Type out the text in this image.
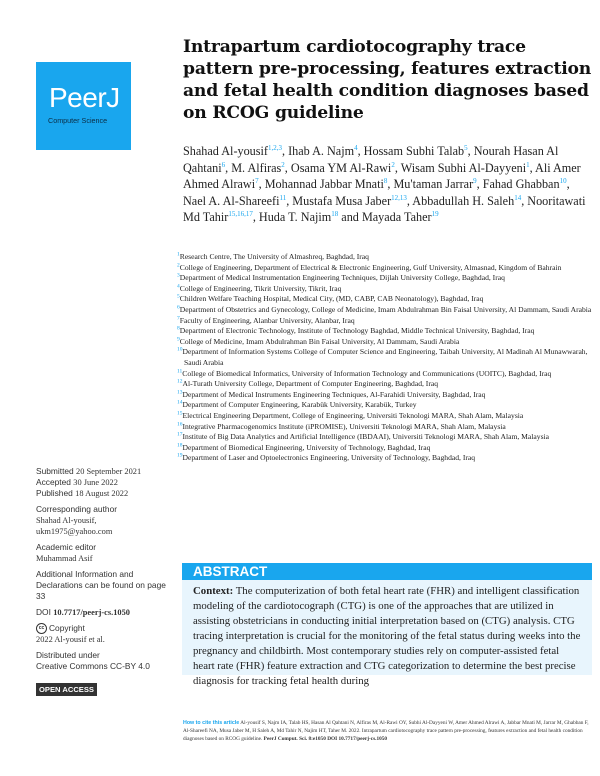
PeerJ
Computer Science
Intrapartum cardiotocography trace pattern pre-processing, features extraction and fetal health condition diagnoses based on RCOG guideline
Shahad Al-yousif$^{1,2,3}$, Ihab A. Najm$^4$, Hossam Subhi Talab$^5$, Nourah Hasan Al Qahtani$^6$, M. Alfiras$^2$, Osama YM Al-Rawi$^2$, Wisam Subhi Al-Dayyeni$^1$, Ali Amer Ahmed Alrawi$^7$, Mohannad Jabbar Mnati$^8$, Mu'taman Jarrar$^9$, Fahad Ghabban$^{10}$, Nael A. Al-Shareefi$^{11}$, Mustafa Musa Jaber$^{12,13}$, Abbadullah H. Saleh$^{14}$, Nooritawati Md Tahir$^{15,16,17}$, Huda T. Najim$^{18}$ and Mayada Taher$^{19}$
$^1$Research Centre, The University of Almashreq, Baghdad, Iraq
$^2$College of Engineering, Department of Electrical & Electronic Engineering, Gulf University, Almasnad, Kingdom of Bahrain
$^3$Department of Medical Instrumentation Engineering Techniques, Dijlah University College, Baghdad, Iraq
$^4$College of Engineering, Tikrit University, Tikrit, Iraq
$^5$Children Welfare Teaching Hospital, Medical City, (MD, CABP, CAB Neonatology), Baghdad, Iraq
$^6$Department of Obstetrics and Gynecology, College of Medicine, Imam Abdulrahman Bin Faisal University, Al Dammam, Saudi Arabia
$^7$Faculty of Engineering, Alanbar University, Alanbar, Iraq
$^8$Department of Electronic Technology, Institute of Technology Baghdad, Middle Technical University, Baghdad, Iraq
$^9$College of Medicine, Imam Abdulrahman Bin Faisal University, Al Dammam, Saudi Arabia
$^{10}$Department of Information Systems College of Computer Science and Engineering, Taibah University, Al Madinah Al Munawwarah, Saudi Arabia
$^{11}$College of Biomedical Informatics, University of Information Technology and Communications (UOITC), Baghdad, Iraq
$^{12}$Al-Turath University College, Department of Computer Engineering, Baghdad, Iraq
$^{13}$Department of Medical Instruments Engineering Techniques, Al-Farahidi University, Baghdad, Iraq
$^{14}$Department of Computer Engineering, Karabük University, Karabük, Turkey
$^{15}$Electrical Engineering Department, College of Engineering, Universiti Teknologi MARA, Shah Alam, Malaysia
$^{16}$Integrative Pharmacogenomics Institute (iPROMISE), Universiti Teknologi MARA, Shah Alam, Malaysia
$^{17}$Institute of Big Data Analytics and Artificial Intelligence (IBDAAI), Universiti Teknologi MARA, Shah Alam, Malaysia
$^{18}$Department of Biomedical Engineering, University of Technology, Baghdad, Iraq
$^{19}$Department of Laser and Optoelectronics Engineering, University of Technology, Baghdad, Iraq
Submitted 20 September 2021
Accepted 30 June 2022
Published 18 August 2022
Corresponding author
Shahad Al-yousif,
ukm1975@yahoo.com
Academic editor
Muhammad Asif
Additional Information and Declarations can be found on page 33
DOI 10.7717/peerj-cs.1050
cc Copyright
2022 Al-yousif et al.
Distributed under
Creative Commons CC-BY 4.0
OPEN ACCESS
ABSTRACT
Context: The computerization of both fetal heart rate (FHR) and intelligent classification modeling of the cardiotocograph (CTG) is one of the approaches that are utilized in assisting obstetricians in conducting initial interpretation based on (CTG) analysis. CTG tracing interpretation is crucial for the monitoring of the fetal status during weeks into the pregnancy and childbirth. Most contemporary studies rely on computer-assisted fetal heart rate (FHR) feature extraction and CTG categorization to determine the best precise diagnosis for tracking fetal health during
How to cite this article Al-yousif S, Najm IA, Talab HS, Hasan Al Qahtani N, Alfiras M, Al-Rawi OY, Subhi Al-Dayyeni W, Amer Ahmed Alrawi A, Jabbar Mnati M, Jarrar M, Ghabban F, Al-Shareefi NA, Musa Jaber M, H Saleh A, Md Tahir N, Najim HT, Taher M. 2022. Intrapartum cardiotocography trace pattern pre-processing, features extraction and fetal health condition diagnoses based on RCOG guideline. PeerJ Comput. Sci. 8:e1050 DOI 10.7717/peerj-cs.1050
